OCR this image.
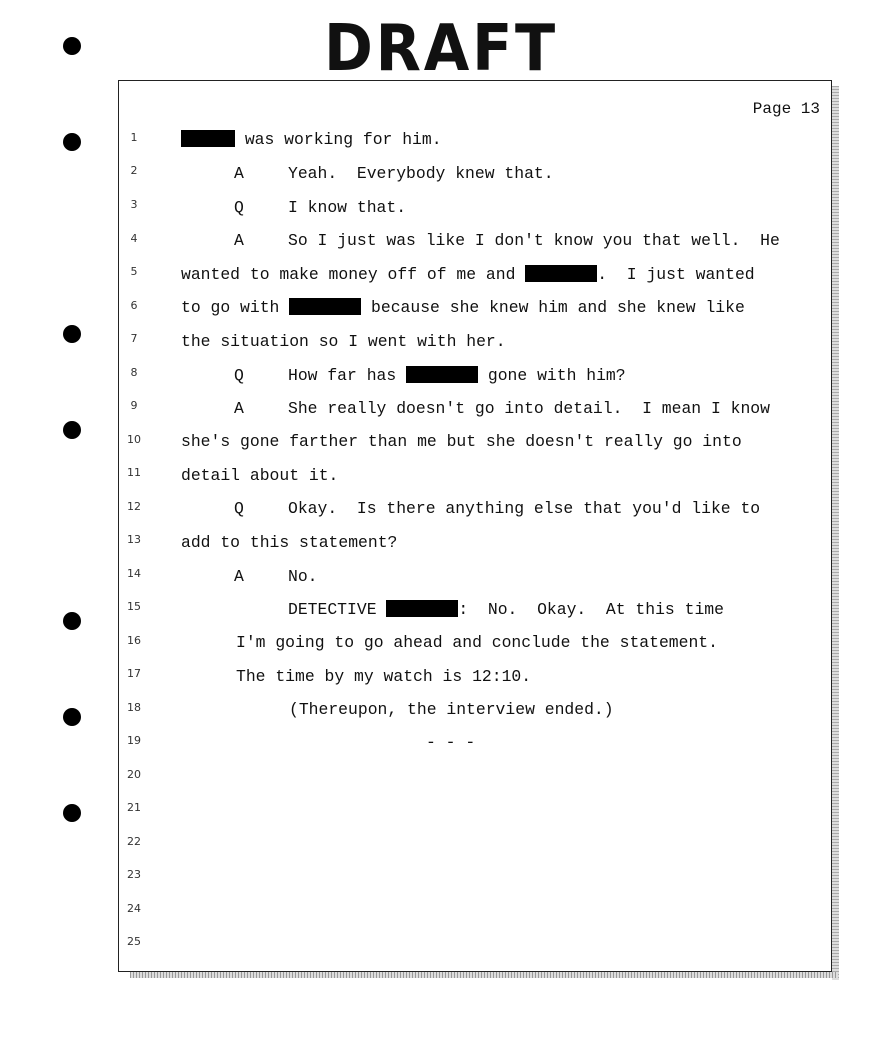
DRAFT
Page 13
1
2
3
4
5
6
7
8
9
10
11
12
13
14
15
16
17
18
19
20
21
22
23
24
25
was working for him.
A	Yeah.  Everybody knew that.
Q	I know that.
A	So I just was like I don't know you that well.  He
wanted to make money off of me and	.  I just wanted
to go with	because she knew him and she knew like
the situation so I went with her.
Q	How far has	gone with him?
A	She really doesn't go into detail.  I mean I know
she's gone farther than me but she doesn't really go into
detail about it.
Q	Okay.  Is there anything else that you'd like to
add to this statement?
A	No.
DETECTIVE	:  No.  Okay.  At this time
I'm going to go ahead and conclude the statement.
The time by my watch is 12:10.
(Thereupon, the interview ended.)
- - -
